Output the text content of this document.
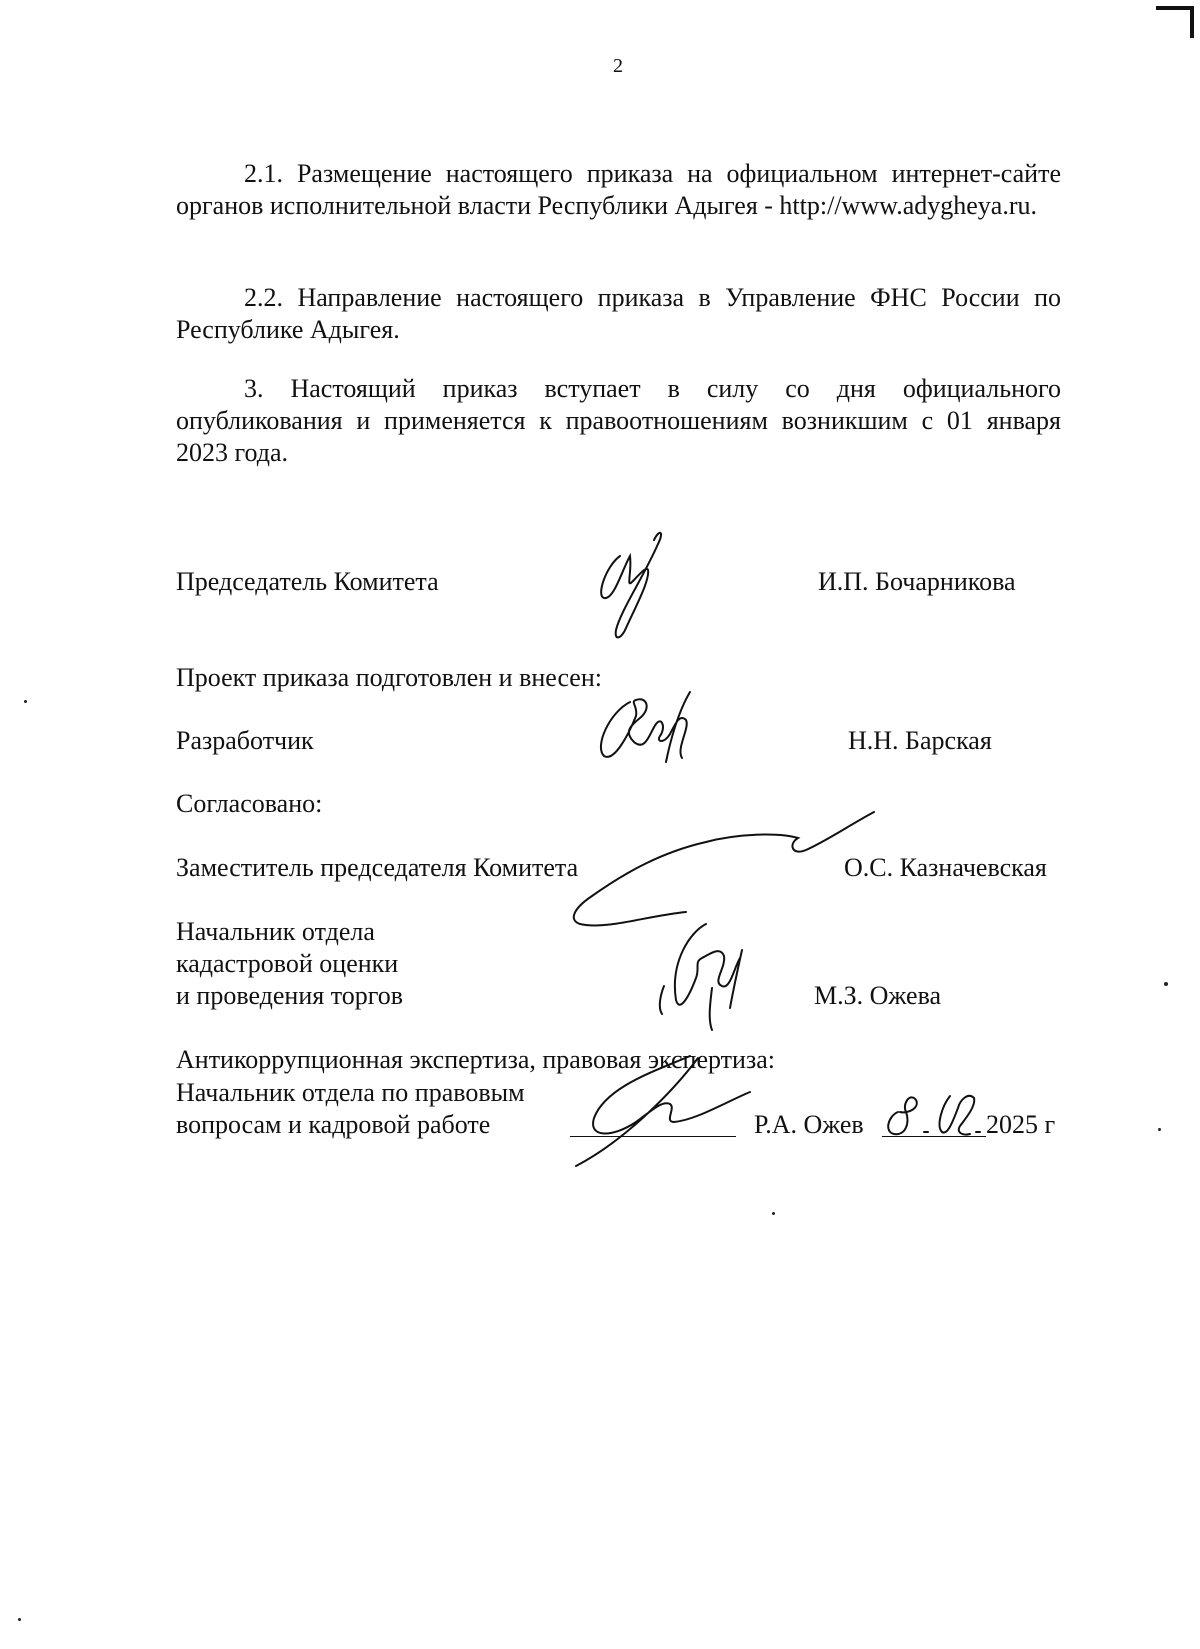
2
2.1. Размещение настоящего приказа на официальном интернет-сайте органов исполнительной власти Республики Адыгея - http://www.adygheya.ru.
2.2. Направление настоящего приказа в Управление ФНС России по Республике Адыгея.
3. Настоящий приказ вступает в силу со дня официального опубликования и применяется к правоотношениям возникшим с 01 января 2023 года.
Председатель Комитета	И.П. Бочарникова
Проект приказа подготовлен и внесен:
Разработчик	Н.Н. Барская
Согласовано:
Заместитель председателя Комитета	О.С. Казначевская
Начальник отдела
кадастровой оценки
и проведения торгов	М.З. Ожева
Антикоррупционная экспертиза, правовая экспертиза:
Начальник отдела по правовым
вопросам и кадровой работе	Р.А. Ожев	2025 г
